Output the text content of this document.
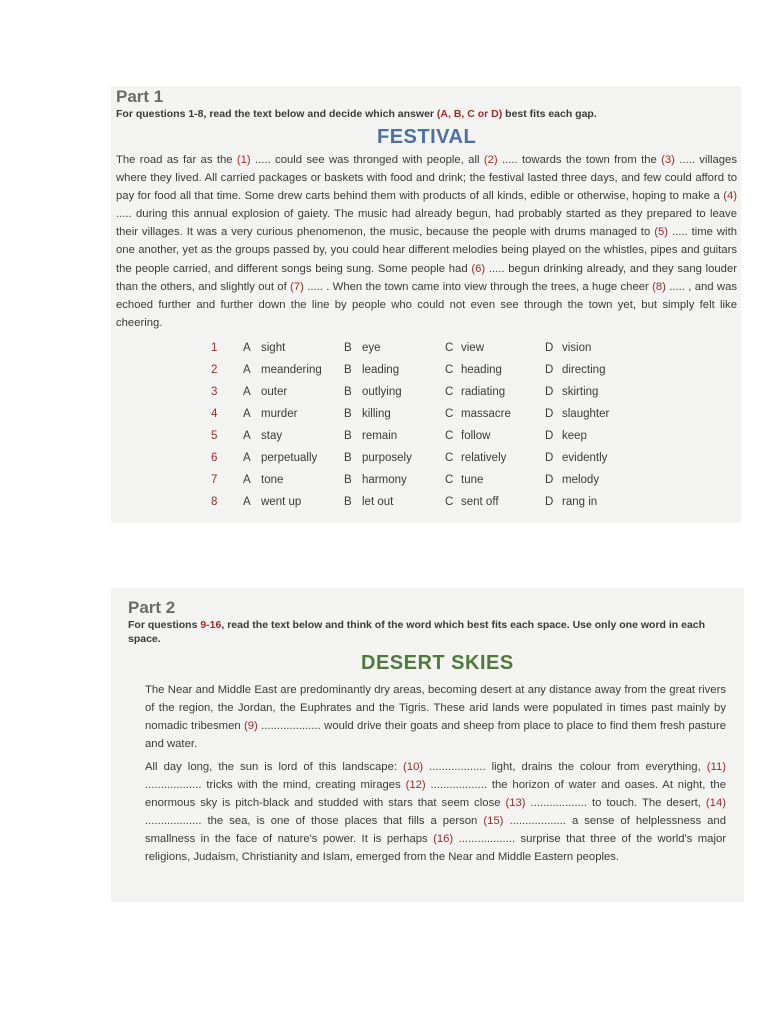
Part 1
For questions 1-8, read the text below and decide which answer (A, B, C or D) best fits each gap.
FESTIVAL

The road as far as the (1) ..... could see was thronged with people, all (2) ..... towards the town from the (3) ..... villages where they lived. All carried packages or baskets with food and drink; the festival lasted three days, and few could afford to pay for food all that time. Some drew carts behind them with products of all kinds, edible or otherwise, hoping to make a (4) ..... during this annual explosion of gaiety. The music had already begun, had probably started as they prepared to leave their villages. It was a very curious phenomenon, the music, because the people with drums managed to (5) ..... time with one another, yet as the groups passed by, you could hear different melodies being played on the whistles, pipes and guitars the people carried, and different songs being sung. Some people had (6) ..... begun drinking already, and they sang louder than the others, and slightly out of (7) ..... . When the town came into view through the trees, a huge cheer (8) ..... , and was echoed further and further down the line by people who could not even see through the town yet, but simply felt like cheering.

1 A sight	B eye	C view	D vision
2 A meandering B leading	C heading	D directing
3 A outer	B outlying	C radiating	D skirting
4 A murder	B killing	C massacre	D slaughter
5 A stay	B remain	C follow	D keep
6 A perpetually B purposely	C relatively	D evidently
7 A tone	B harmony	C tune	D melody
8 A went up	B let out	C sent off	D rang in
Part 2
For questions 9-16, read the text below and think of the word which best fits each space. Use only one word in each space.
DESERT SKIES

The Near and Middle East are predominantly dry areas, becoming desert at any distance away from the great rivers of the region, the Jordan, the Euphrates and the Tigris. These arid lands were populated in times past mainly by nomadic tribesmen (9) ................... would drive their goats and sheep from place to place to find them fresh pasture and water.

All day long, the sun is lord of this landscape: (10) .................. light, drains the colour from everything, (11) .................. tricks with the mind, creating mirages (12) .................. the horizon of water and oases. At night, the enormous sky is pitch-black and studded with stars that seem close (13) .................. to touch. The desert, (14) .................. the sea, is one of those places that fills a person (15) .................. a sense of helplessness and smallness in the face of nature's power. It is perhaps (16) .................. surprise that three of the world's major religions, Judaism, Christianity and Islam, emerged from the Near and Middle Eastern peoples.
